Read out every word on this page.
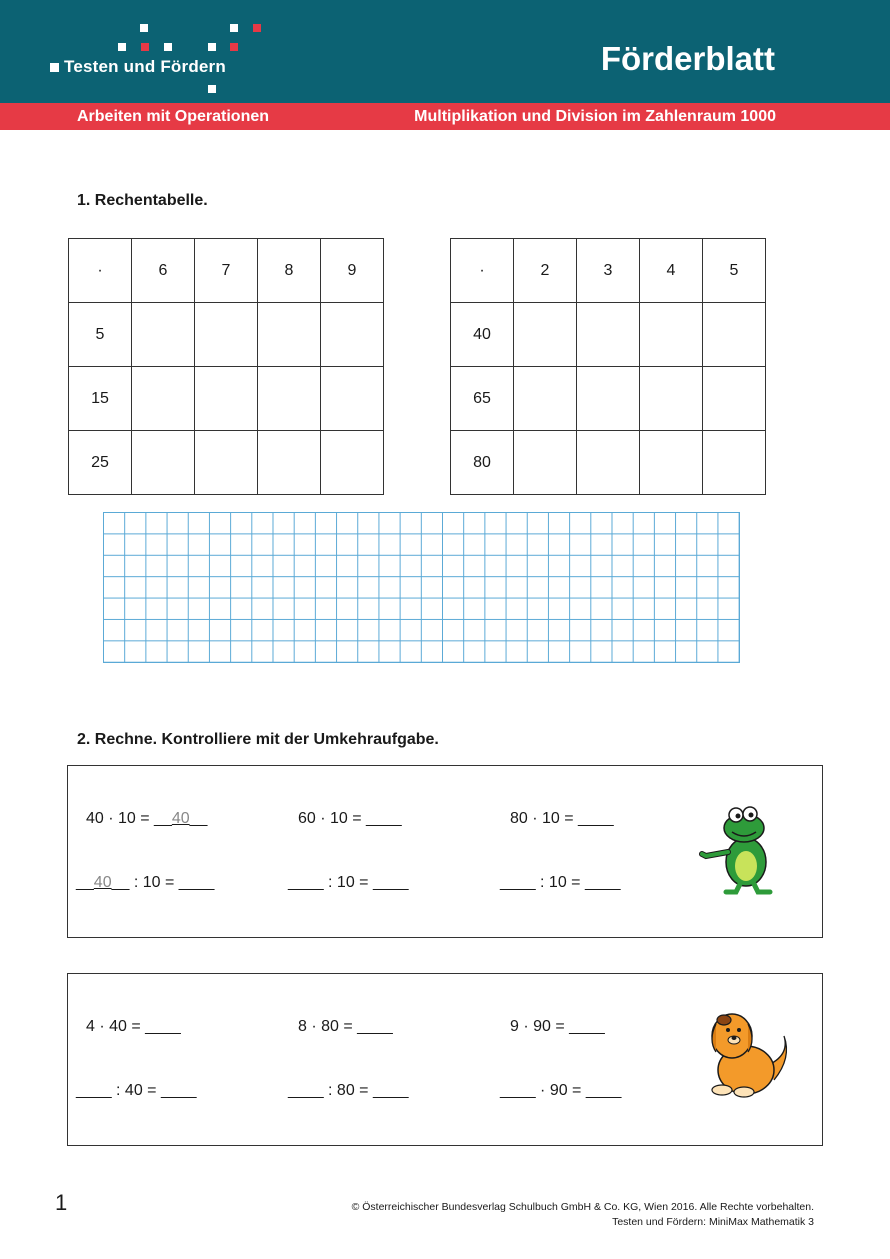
Testen und Fördern	Förderblatt
Arbeiten mit Operationen	Multiplikation und Division im Zahlenraum 1000
1. Rechentabelle.
·	6	7	8	9
5				
15				
25				
·	2	3	4	5
40				
65				
80				
2. Rechne. Kontrolliere mit der Umkehraufgabe.
40 · 10 = __40__	60 · 10 = ____	80 · 10 = ____
__40__ : 10 = ____	____ : 10 = ____	____ : 10 = ____
4 · 40 = ____	8 · 80 = ____	9 · 90 = ____
____ : 40 = ____	____ : 80 = ____	____ · 90 = ____
1	© Österreichischer Bundesverlag Schulbuch GmbH & Co. KG, Wien 2016. Alle Rechte vorbehalten.
Testen und Fördern: MiniMax Mathematik 3
